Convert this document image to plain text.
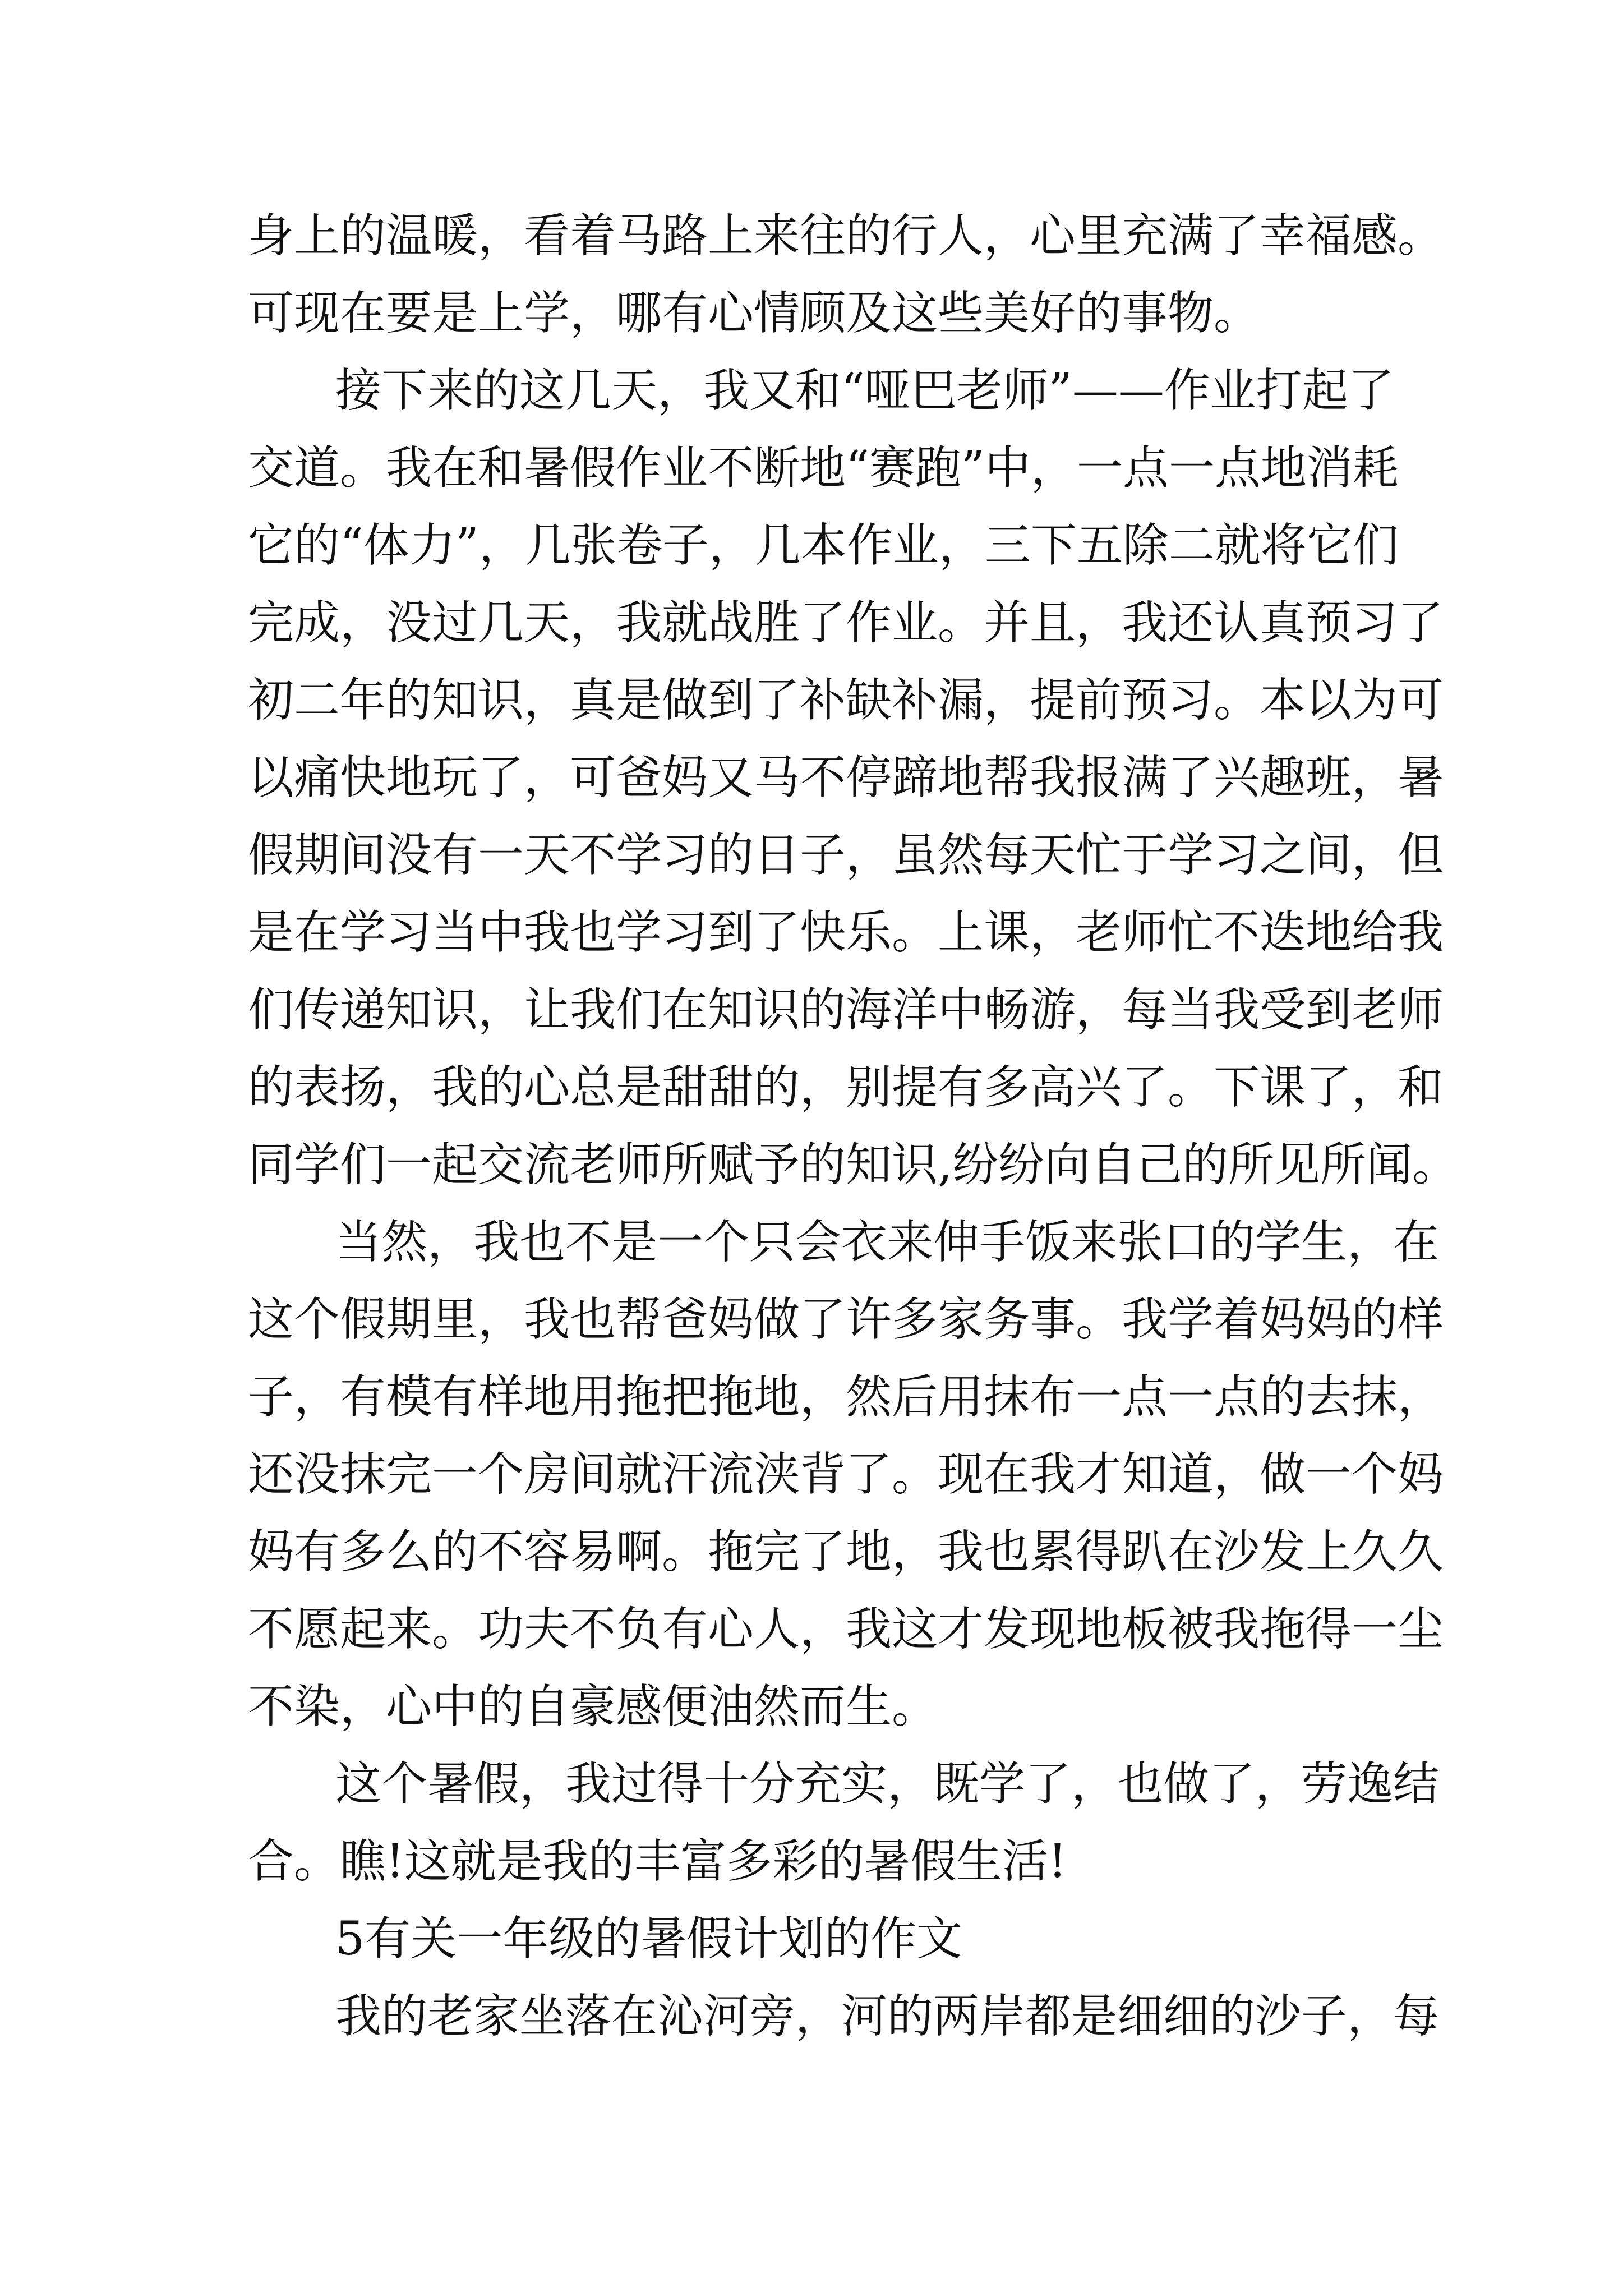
身上的温暖，看着马路上来往的行人，心里充满了幸福感。
可现在要是上学，哪有心情顾及这些美好的事物。
接下来的这几天，我又和“哑巴老师”——作业打起了
交道。我在和暑假作业不断地“赛跑”中，一点一点地消耗
它的“体力”，几张卷子，几本作业，三下五除二就将它们
完成，没过几天，我就战胜了作业。并且，我还认真预习了
初二年的知识，真是做到了补缺补漏，提前预习。本以为可
以痛快地玩了，可爸妈又马不停蹄地帮我报满了兴趣班，暑
假期间没有一天不学习的日子，虽然每天忙于学习之间，但
是在学习当中我也学习到了快乐。上课，老师忙不迭地给我
们传递知识，让我们在知识的海洋中畅游，每当我受到老师
的表扬，我的心总是甜甜的，别提有多高兴了。下课了，和
同学们一起交流老师所赋予的知识,纷纷向自己的所见所闻。
当然，我也不是一个只会衣来伸手饭来张口的学生，在
这个假期里，我也帮爸妈做了许多家务事。我学着妈妈的样
子，有模有样地用拖把拖地，然后用抹布一点一点的去抹，
还没抹完一个房间就汗流浃背了。现在我才知道，做一个妈
妈有多么的不容易啊。拖完了地，我也累得趴在沙发上久久
不愿起来。功夫不负有心人，我这才发现地板被我拖得一尘
不染，心中的自豪感便油然而生。
这个暑假，我过得十分充实，既学了，也做了，劳逸结
合。瞧!这就是我的丰富多彩的暑假生活!
5有关一年级的暑假计划的作文
我的老家坐落在沁河旁，河的两岸都是细细的沙子，每
